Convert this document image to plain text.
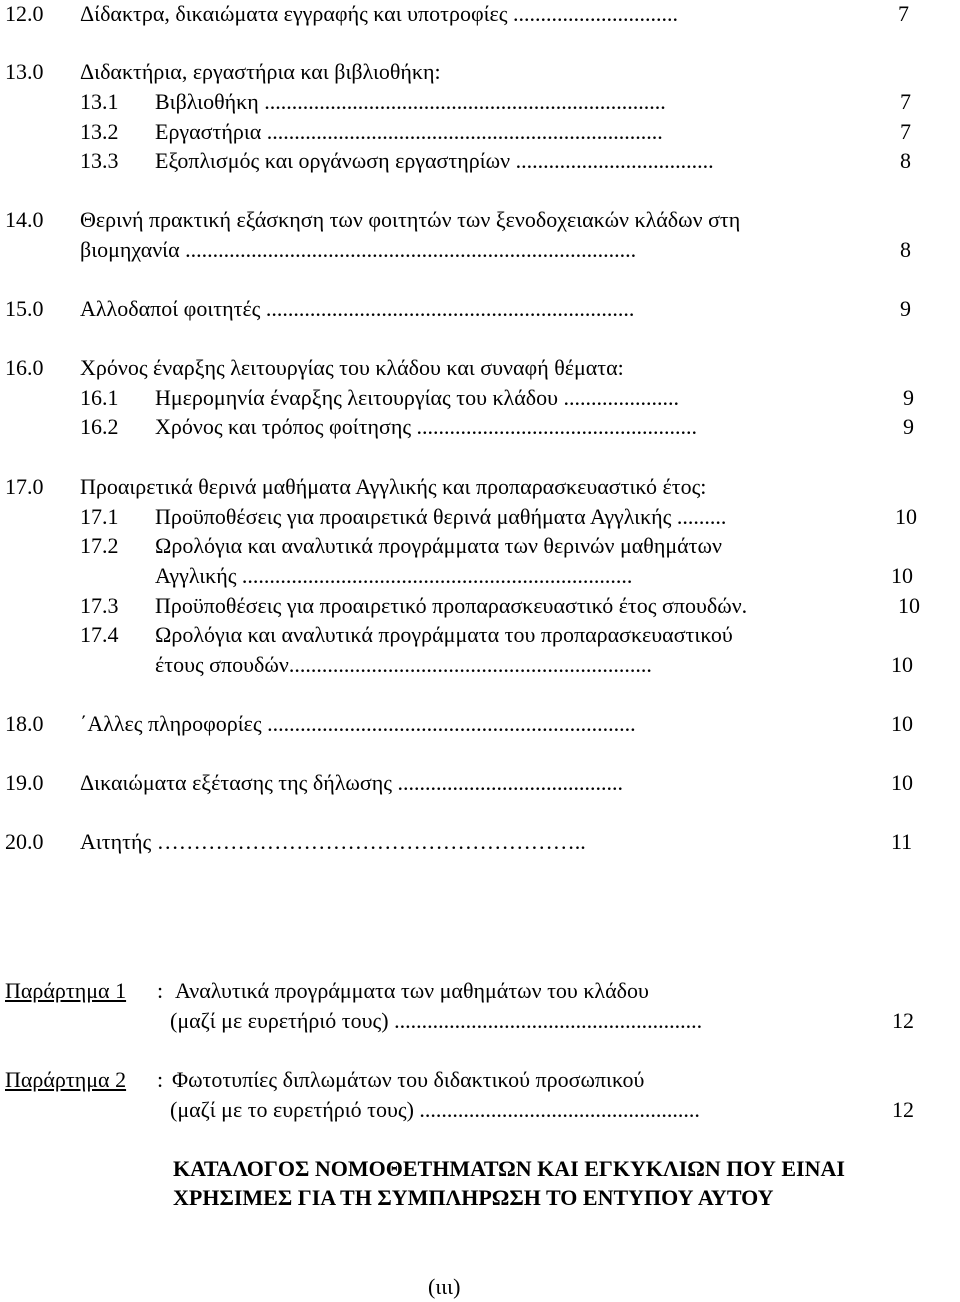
12.0 Δίδακτρα, δικαιώματα εγγραφής και υποτροφίες ..............................	7
13.0 Διδακτήρια, εργαστήρια και βιβλιοθήκη:
13.1 Βιβλιοθήκη .........................................................................	7
13.2 Εργαστήρια ........................................................................	7
13.3 Εξοπλισμός και οργάνωση εργαστηρίων ....................................	8
14.0 Θερινή πρακτική εξάσκηση των φοιτητών των ξενοδοχειακών κλάδων στη
βιομηχανία ..................................................................................	8
15.0 Αλλοδαποί φοιτητές ...................................................................	9
16.0 Χρόνος έναρξης λειτουργίας του κλάδου και συναφή θέματα:
16.1 Ημερομηνία έναρξης λειτουργίας του κλάδου .....................	9
16.2 Χρόνος και τρόπος φοίτησης ...................................................	9
17.0 Προαιρετικά θερινά μαθήματα Αγγλικής και προπαρασκευαστικό έτος:
17.1 Προϋποθέσεις για προαιρετικά θερινά μαθήματα Αγγλικής .........	10
17.2 Ωρολόγια και αναλυτικά προγράμματα των θερινών μαθημάτων
Αγγλικής .......................................................................	10
17.3 Προϋποθέσεις για προαιρετικό προπαρασκευαστικό έτος σπουδών.	10
17.4 Ωρολόγια και αναλυτικά προγράμματα του προπαρασκευαστικού
έτους σπουδών..................................................................	10
18.0 ΄Αλλες πληροφορίες ...................................................................	10
19.0 Δικαιώματα εξέτασης της δήλωσης .........................................	10
20.0 Αιτητής …………………………………………………..	11
Παράρτημα 1 : Αναλυτικά προγράμματα των μαθημάτων του κλάδου
(μαζί με ευρετήριό τους) ........................................................	12
Παράρτημα 2 : Φωτοτυπίες διπλωμάτων του διδακτικού προσωπικού
(μαζί με το ευρετήριό τους) ...................................................	12
ΚΑΤΑΛΟΓΟΣ ΝΟΜΟΘΕΤΗΜΑΤΩΝ ΚΑΙ ΕΓΚΥΚΛΙΩΝ ΠΟΥ ΕΙΝΑΙ
ΧΡΗΣΙΜΕΣ ΓΙΑ ΤΗ ΣΥΜΠΛΗΡΩΣΗ ΤΟ ΕΝΤΥΠΟΥ ΑΥΤΟΥ
(ιιι)
